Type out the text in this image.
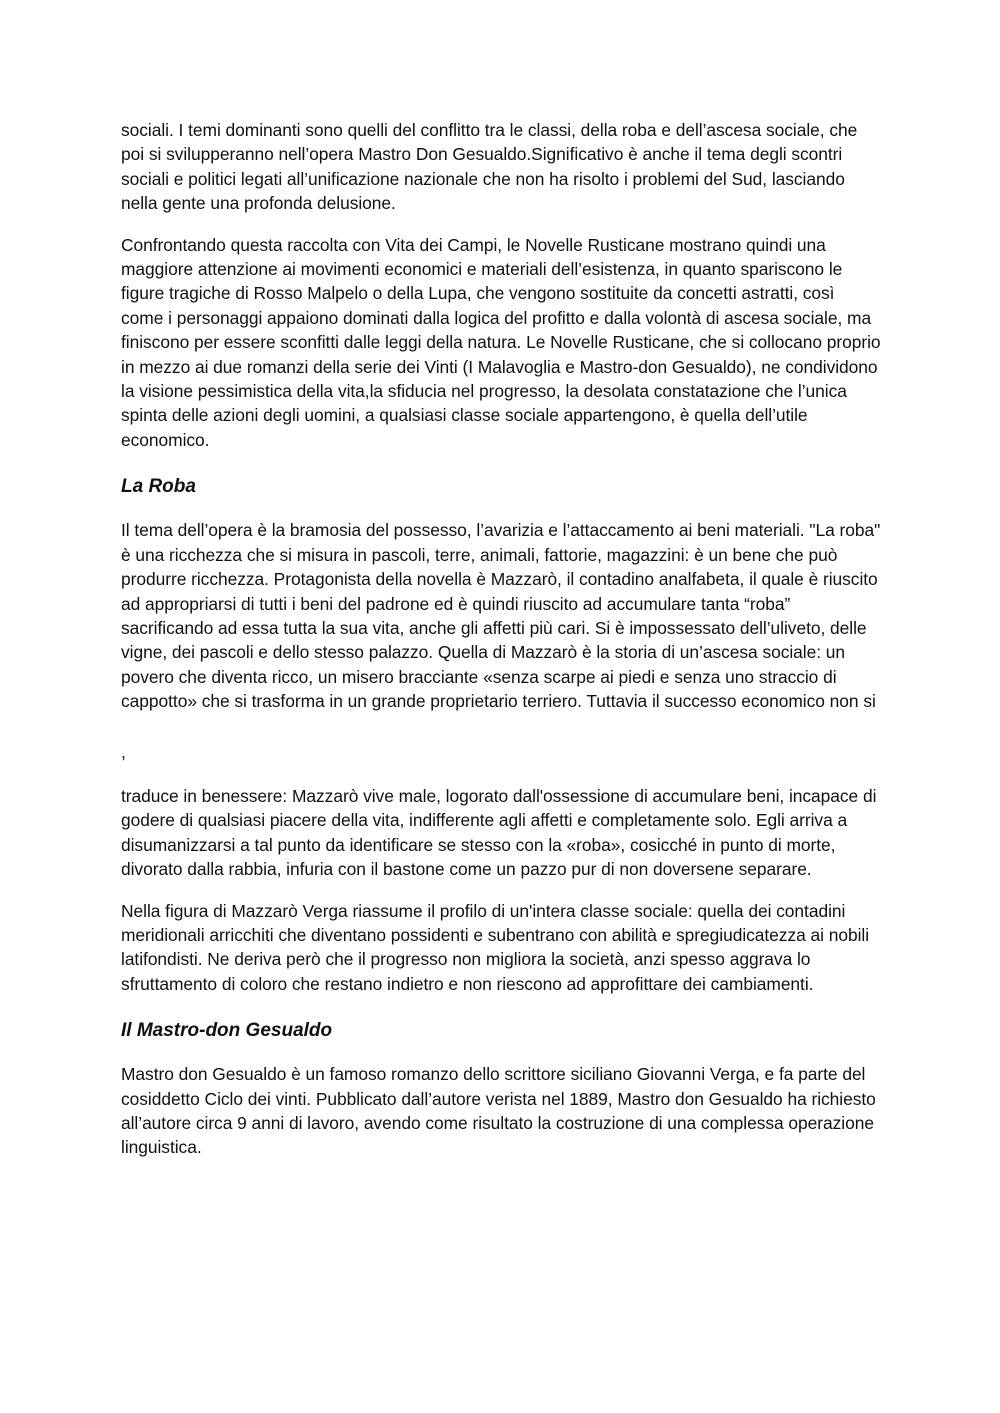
sociali. I temi dominanti sono quelli del conflitto tra le classi, della roba e dell’ascesa sociale, che poi si svilupperanno nell’opera Mastro Don Gesualdo.Significativo è anche il tema degli scontri sociali e politici legati all’unificazione nazionale che non ha risolto i problemi del Sud, lasciando nella gente una profonda delusione.

Confrontando questa raccolta con Vita dei Campi, le Novelle Rusticane mostrano quindi una maggiore attenzione ai movimenti economici e materiali dell’esistenza, in quanto spariscono le figure tragiche di Rosso Malpelo o della Lupa, che vengono sostituite da concetti astratti, così come i personaggi appaiono dominati dalla logica del profitto e dalla volontà di ascesa sociale, ma finiscono per essere sconfitti dalle leggi della natura. Le Novelle Rusticane, che si collocano proprio in mezzo ai due romanzi della serie dei Vinti (I Malavoglia e Mastro-don Gesualdo), ne condividono la visione pessimistica della vita,la sfiducia nel progresso, la desolata constatazione che l’unica spinta delle azioni degli uomini, a qualsiasi classe sociale appartengono, è quella dell’utile economico.

La Roba

Il tema dell’opera è la bramosia del possesso, l’avarizia e l’attaccamento ai beni materiali. "La roba" è una ricchezza che si misura in pascoli, terre, animali, fattorie, magazzini: è un bene che può produrre ricchezza. Protagonista della novella è Mazzarò, il contadino analfabeta, il quale è riuscito ad appropriarsi di tutti i beni del padrone ed è quindi riuscito ad accumulare tanta “roba” sacrificando ad essa tutta la sua vita, anche gli affetti più cari. Si è impossessato dell’uliveto, delle vigne, dei pascoli e dello stesso palazzo. Quella di Mazzarò è la storia di un’ascesa sociale: un povero che diventa ricco, un misero bracciante «senza scarpe ai piedi e senza uno straccio di cappotto» che si trasforma in un grande proprietario terriero. Tuttavia il successo economico non si

,

traduce in benessere: Mazzarò vive male, logorato dall'ossessione di accumulare beni, incapace di godere di qualsiasi piacere della vita, indifferente agli affetti e completamente solo. Egli arriva a disumanizzarsi a tal punto da identificare se stesso con la «roba», cosicché in punto di morte, divorato dalla rabbia, infuria con il bastone come un pazzo pur di non doversene separare.

Nella figura di Mazzarò Verga riassume il profilo di un'intera classe sociale: quella dei contadini meridionali arricchiti che diventano possidenti e subentrano con abilità e spregiudicatezza ai nobili latifondisti. Ne deriva però che il progresso non migliora la società, anzi spesso aggrava lo sfruttamento di coloro che restano indietro e non riescono ad approfittare dei cambiamenti.

Il Mastro-don Gesualdo

Mastro don Gesualdo è un famoso romanzo dello scrittore siciliano Giovanni Verga, e fa parte del cosiddetto Ciclo dei vinti. Pubblicato dall’autore verista nel 1889, Mastro don Gesualdo ha richiesto all’autore circa 9 anni di lavoro, avendo come risultato la costruzione di una complessa operazione linguistica.
